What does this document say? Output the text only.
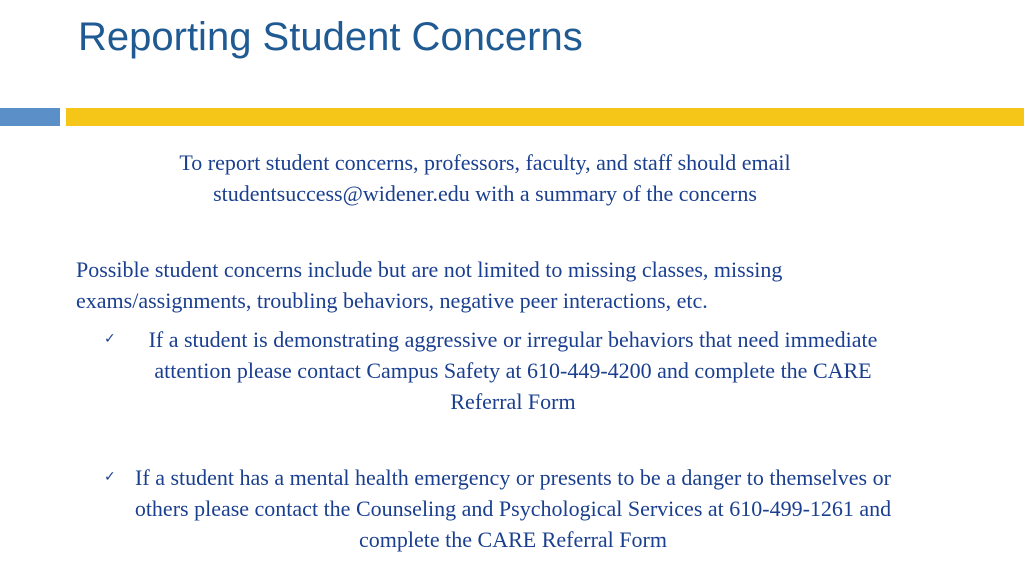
Reporting Student Concerns

To report student concerns, professors, faculty, and staff should email studentsuccess@widener.edu with a summary of the concerns

Possible student concerns include but are not limited to missing classes, missing exams/assignments, troubling behaviors, negative peer interactions, etc.

✓	If a student is demonstrating aggressive or irregular behaviors that need immediate attention please contact Campus Safety at 610-449-4200 and complete the CARE Referral Form
✓ If a student has a mental health emergency or presents to be a danger to themselves or others please contact the Counseling and Psychological Services at 610-499-1261 and complete the CARE Referral Form
